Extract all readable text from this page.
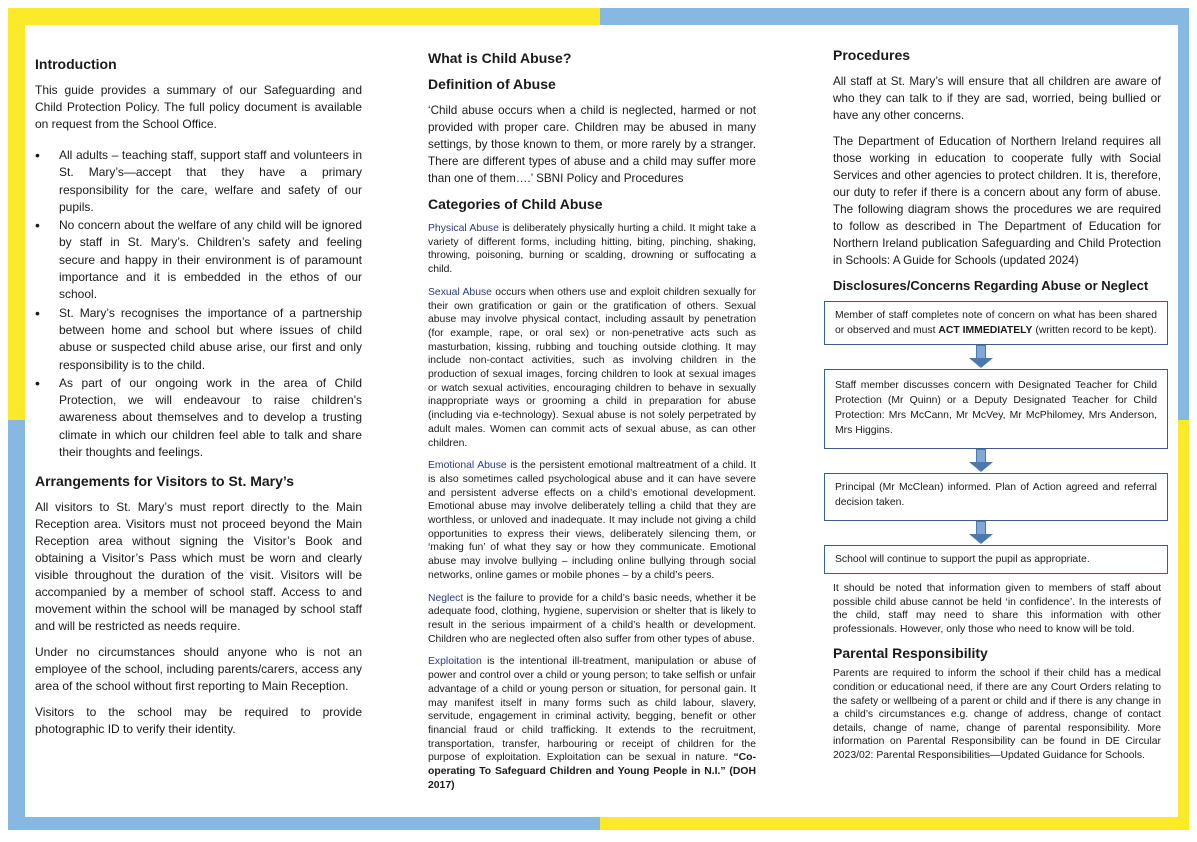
Introduction

This guide provides a summary of our Safeguarding and Child Protection Policy. The full policy document is available on request from the School Office.

• All adults – teaching staff, support staff and volunteers in St. Mary’s—accept that they have a primary responsibility for the care, welfare and safety of our pupils.
• No concern about the welfare of any child will be ignored by staff in St. Mary’s. Children’s safety and feeling secure and happy in their environment is of paramount importance and it is embedded in the ethos of our school.
• St. Mary’s recognises the importance of a partnership between home and school but where issues of child abuse or suspected child abuse arise, our first and only responsibility is to the child.
• As part of our ongoing work in the area of Child Protection, we will endeavour to raise children's awareness about themselves and to develop a trusting climate in which our children feel able to talk and share their thoughts and feelings.
Arrangements for Visitors to St. Mary’s

All visitors to St. Mary’s must report directly to the Main Reception area. Visitors must not proceed beyond the Main Reception area without signing the Visitor’s Book and obtaining a Visitor’s Pass which must be worn and clearly visible throughout the duration of the visit. Visitors will be accompanied by a member of school staff. Access to and movement within the school will be managed by school staff and will be restricted as needs require.

Under no circumstances should anyone who is not an employee of the school, including parents/carers, access any area of the school without first reporting to Main Reception.

Visitors to the school may be required to provide photographic ID to verify their identity.

What is Child Abuse?
Definition of Abuse

‘Child abuse occurs when a child is neglected, harmed or not provided with proper care. Children may be abused in many settings, by those known to them, or more rarely by a stranger. There are different types of abuse and a child may suffer more than one of them….’ SBNI Policy and Procedures

Categories of Child Abuse

Physical Abuse is deliberately physically hurting a child. It might take a variety of different forms, including hitting, biting, pinching, shaking, throwing, poisoning, burning or scalding, drowning or suffocating a child.

Sexual Abuse occurs when others use and exploit children sexually for their own gratification or gain or the gratification of others. Sexual abuse may involve physical contact, including assault by penetration (for example, rape, or oral sex) or non-penetrative acts such as masturbation, kissing, rubbing and touching outside clothing. It may include non-contact activities, such as involving children in the production of sexual images, forcing children to look at sexual images or watch sexual activities, encouraging children to behave in sexually inappropriate ways or grooming a child in preparation for abuse (including via e-technology). Sexual abuse is not solely perpetrated by adult males. Women can commit acts of sexual abuse, as can other children.

Emotional Abuse is the persistent emotional maltreatment of a child. It is also sometimes called psychological abuse and it can have severe and persistent adverse effects on a child’s emotional development. Emotional abuse may involve deliberately telling a child that they are worthless, or unloved and inadequate. It may include not giving a child opportunities to express their views, deliberately silencing them, or ‘making fun’ of what they say or how they communicate. Emotional abuse may involve bullying – including online bullying through social networks, online games or mobile phones – by a child’s peers.

Neglect is the failure to provide for a child’s basic needs, whether it be adequate food, clothing, hygiene, supervision or shelter that is likely to result in the serious impairment of a child’s health or development. Children who are neglected often also suffer from other types of abuse.

Exploitation is the intentional ill-treatment, manipulation or abuse of power and control over a child or young person; to take selfish or unfair advantage of a child or young person or situation, for personal gain. It may manifest itself in many forms such as child labour, slavery, servitude, engagement in criminal activity, begging, benefit or other financial fraud or child trafficking. It extends to the recruitment, transportation, transfer, harbouring or receipt of children for the purpose of exploitation. Exploitation can be sexual in nature. “Co-operating To Safeguard Children and Young People in N.I.” (DOH 2017)

Procedures

All staff at St. Mary’s will ensure that all children are aware of who they can talk to if they are sad, worried, being bullied or have any other concerns.

The Department of Education of Northern Ireland requires all those working in education to cooperate fully with Social Services and other agencies to protect children. It is, therefore, our duty to refer if there is a concern about any form of abuse. The following diagram shows the procedures we are required to follow as described in The Department of Education for Northern Ireland publication Safeguarding and Child Protection in Schools: A Guide for Schools (updated 2024)

Disclosures/Concerns Regarding Abuse or Neglect
Member of staff completes note of concern on what has been shared or observed and must ACT IMMEDIATELY (written record to be kept).
Staff member discusses concern with Designated Teacher for Child Protection (Mr Quinn) or a Deputy Designated Teacher for Child Protection: Mrs McCann, Mr McVey, Mr McPhilomey, Mrs Anderson, Mrs Higgins.
Principal (Mr McClean) informed. Plan of Action agreed and referral decision taken.
School will continue to support the pupil as appropriate.

It should be noted that information given to members of staff about possible child abuse cannot be held ‘in confidence’. In the interests of the child, staff may need to share this information with other professionals. However, only those who need to know will be told.

Parental Responsibility

Parents are required to inform the school if their child has a medical condition or educational need, if there are any Court Orders relating to the safety or wellbeing of a parent or child and if there is any change in a child’s circumstances e.g. change of address, change of contact details, change of name, change of parental responsibility. More information on Parental Responsibility can be found in DE Circular 2023/02: Parental Responsibilities—Updated Guidance for Schools.
